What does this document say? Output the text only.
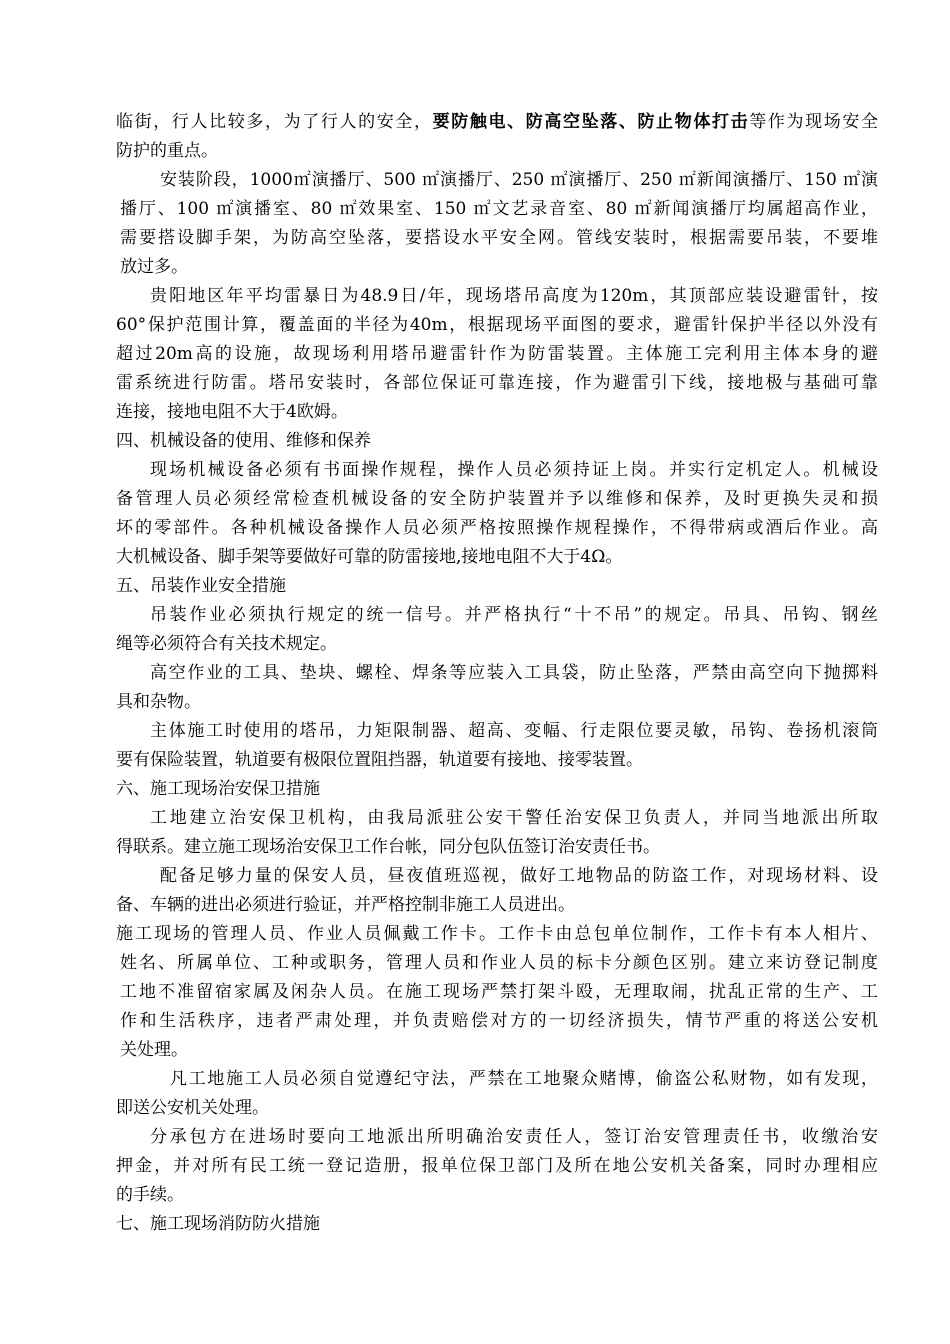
临街，行人比较多，为了行人的安全，要防触电、防高空坠落、防止物体打击等作为现场安全
防护的重点。
安装阶段，1000㎡演播厅、500 ㎡演播厅、250 ㎡演播厅、250 ㎡新闻演播厅、150 ㎡演
播厅、100 ㎡演播室、80 ㎡效果室、150 ㎡文艺录音室、80 ㎡新闻演播厅均属超高作业，
需要搭设脚手架，为防高空坠落，要搭设水平安全网。管线安装时，根据需要吊装，不要堆
放过多。
贵阳地区年平均雷暴日为48.9日/年，现场塔吊高度为120m，其顶部应装设避雷针，按
60°保护范围计算，覆盖面的半径为40m，根据现场平面图的要求，避雷针保护半径以外没有
超过20m高的设施，故现场利用塔吊避雷针作为防雷装置。主体施工完利用主体本身的避
雷系统进行防雷。塔吊安装时，各部位保证可靠连接，作为避雷引下线，接地极与基础可靠
连接，接地电阻不大于4欧姆。
四、机械设备的使用、维修和保养
现场机械设备必须有书面操作规程，操作人员必须持证上岗。并实行定机定人。机械设
备管理人员必须经常检查机械设备的安全防护装置并予以维修和保养，及时更换失灵和损
坏的零部件。各种机械设备操作人员必须严格按照操作规程操作，不得带病或酒后作业。高
大机械设备、脚手架等要做好可靠的防雷接地,接地电阻不大于4Ω。
五、吊装作业安全措施
吊装作业必须执行规定的统一信号。并严格执行“十不吊”的规定。吊具、吊钩、钢丝
绳等必须符合有关技术规定。
高空作业的工具、垫块、螺栓、焊条等应装入工具袋，防止坠落，严禁由高空向下抛掷料
具和杂物。
主体施工时使用的塔吊，力矩限制器、超高、变幅、行走限位要灵敏，吊钩、卷扬机滚筒
要有保险装置，轨道要有极限位置阻挡器，轨道要有接地、接零装置。
六、施工现场治安保卫措施
工地建立治安保卫机构，由我局派驻公安干警任治安保卫负责人，并同当地派出所取
得联系。建立施工现场治安保卫工作台帐，同分包队伍签订治安责任书。
配备足够力量的保安人员，昼夜值班巡视，做好工地物品的防盗工作，对现场材料、设
备、车辆的进出必须进行验证，并严格控制非施工人员进出。
施工现场的管理人员、作业人员佩戴工作卡。工作卡由总包单位制作，工作卡有本人相片、
姓名、所属单位、工种或职务，管理人员和作业人员的标卡分颜色区别。建立来访登记制度
工地不准留宿家属及闲杂人员。在施工现场严禁打架斗殴，无理取闹，扰乱正常的生产、工
作和生活秩序，违者严肃处理，并负责赔偿对方的一切经济损失，情节严重的将送公安机
关处理。
凡工地施工人员必须自觉遵纪守法，严禁在工地聚众赌博，偷盗公私财物，如有发现，
即送公安机关处理。
分承包方在进场时要向工地派出所明确治安责任人，签订治安管理责任书，收缴治安
押金，并对所有民工统一登记造册，报单位保卫部门及所在地公安机关备案，同时办理相应
的手续。
七、施工现场消防防火措施
